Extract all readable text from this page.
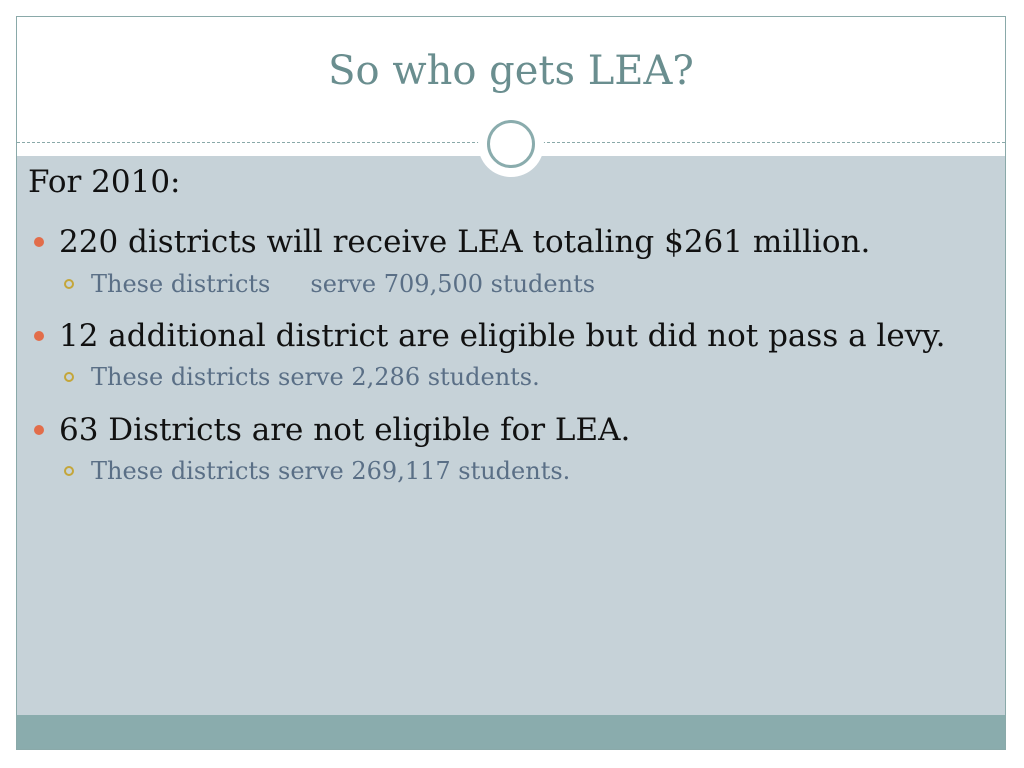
So who gets LEA?
For 2010:
220 districts will receive LEA totaling $261 million.
These districts serve 709,500 students
12 additional district are eligible but did not pass a levy.
These districts serve 2,286 students.
63 Districts are not eligible for LEA.
These districts serve 269,117 students.
